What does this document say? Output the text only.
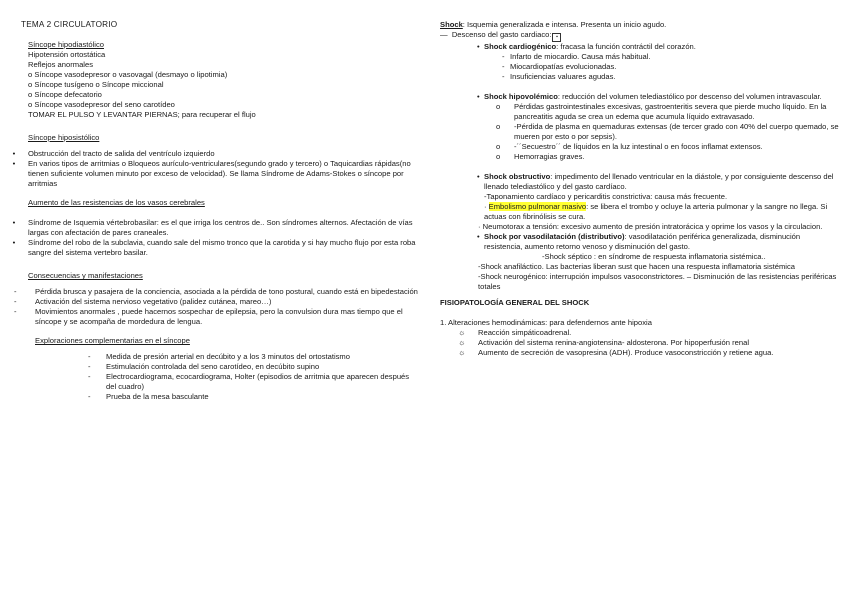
TEMA 2 CIRCULATORIO
Síncope hipodiastólico
Hipotensión ortostática
Reflejos anormales
o Síncope vasodepresor o vasovagal (desmayo o lipotimia)
o Síncope tusígeno o Síncope miccional
o Síncope defecatorio
o Síncope vasodepresor del seno carotídeo
TOMAR EL PULSO Y LEVANTAR PIERNAS; para recuperar el flujo
Síncope hiposistólico
•	Obstrucción del tracto de salida del ventrículo izquierdo
•	En varios tipos de arritmias o Bloqueos aurículo-ventriculares(segundo grado y tercero) o Taquicardias rápidas(no tienen suficiente volumen minuto por exceso de velocidad). Se llama Síndrome de Adams-Stokes o síncope por arritmias
Aumento de las resistencias de los vasos cerebrales
•	Síndrome de Isquemia vértebrobasilar: es el que irriga los centros de.. Son síndromes alternos. Afectación de vías largas con afectación de pares craneales.
•	Síndrome del robo de la subclavia, cuando sale del mismo tronco que la carotida y si hay mucho flujo por esta roba sangre del sistema vertebro basilar.
Consecuencias y manifestaciones
- Pérdida brusca y pasajera de la conciencia, asociada a la pérdida de tono postural, cuando está en bipedestación
- Activación del sistema nervioso vegetativo (palidez cutánea, mareo…)
- Movimientos anormales , puede hacernos sospechar de epilepsia, pero la convulsion dura mas tiempo que el síncope y se acompaña de mordedura de lengua.
Exploraciones complementarias en el síncope
- Medida de presión arterial en decúbito y a los 3 minutos del ortostatismo
- Estimulación controlada del seno carotídeo, en decúbito supino
- Electrocardiograma, ecocardiograma, Holter (episodios de arritmia que aparecen después del cuadro)
- Prueba de la mesa basculante
Shock: Isquemia generalizada e intensa. Presenta un inicio agudo.
—  Descenso del gasto cardiaco: ▪
• Shock cardiogénico: fracasa la función contráctil del corazón.
- Infarto de miocardio. Causa más habitual.
- Miocardiopatías evolucionadas.
- Insuficiencias valuares agudas.
• Shock hipovolémico: reducción del volumen telediastólico por descenso del volumen intravascular.
o Pérdidas gastrointestinales excesivas, gastroenteritis severa que pierde mucho líquido. En la pancreatitis aguda se crea un edema que acumula líquido extravasado.
o -Pérdida de plasma en quemaduras extensas (de tercer grado con 40% del cuerpo quemado, se mueren por esto o por sepsis).
o -´´Secuestro´´ de líquidos en la luz intestinal o en focos inflamat extensos.
o Hemorragias graves.
• Shock obstructivo: impedimento del llenado ventricular en la diástole, y por consiguiente descenso del llenado telediastólico y del gasto cardíaco.
-Taponamiento cardíaco y pericarditis constrictiva: causa más frecuente.
· Embolismo pulmonar masivo: se libera el trombo y ocluye la arteria pulmonar y la sangre no llega. Si actuas con fibrinólisis se cura.
· Neumotorax a tensión: excesivo aumento de presión intratorácica y oprime los vasos y la circulacion.
• Shock por vasodilatación (distributivo): vasodilatación periférica generalizada, disminución resistencia, aumento retorno venoso y disminución del gasto.
-Shock séptico : en síndrome de respuesta inflamatoria sistémica..
-Shock anafiláctico. Las bacterias liberan sust que hacen una respuesta inflamatoria sistémica
-Shock neurogénico: interrupción impulsos vasoconstrictores. – Disminución de las resistencias periféricas totales
FISIOPATOLOGÍA GENERAL DEL SHOCK
1. Alteraciones hemodinámicas: para defendernos ante hipoxia
☼ Reacción simpáticoadrenal.
☼ Activación del sistema renina-angiotensina- aldosterona. Por hipoperfusión renal
☼ Aumento de secreción de vasopresina (ADH). Produce vasoconstricción y retiene agua.
